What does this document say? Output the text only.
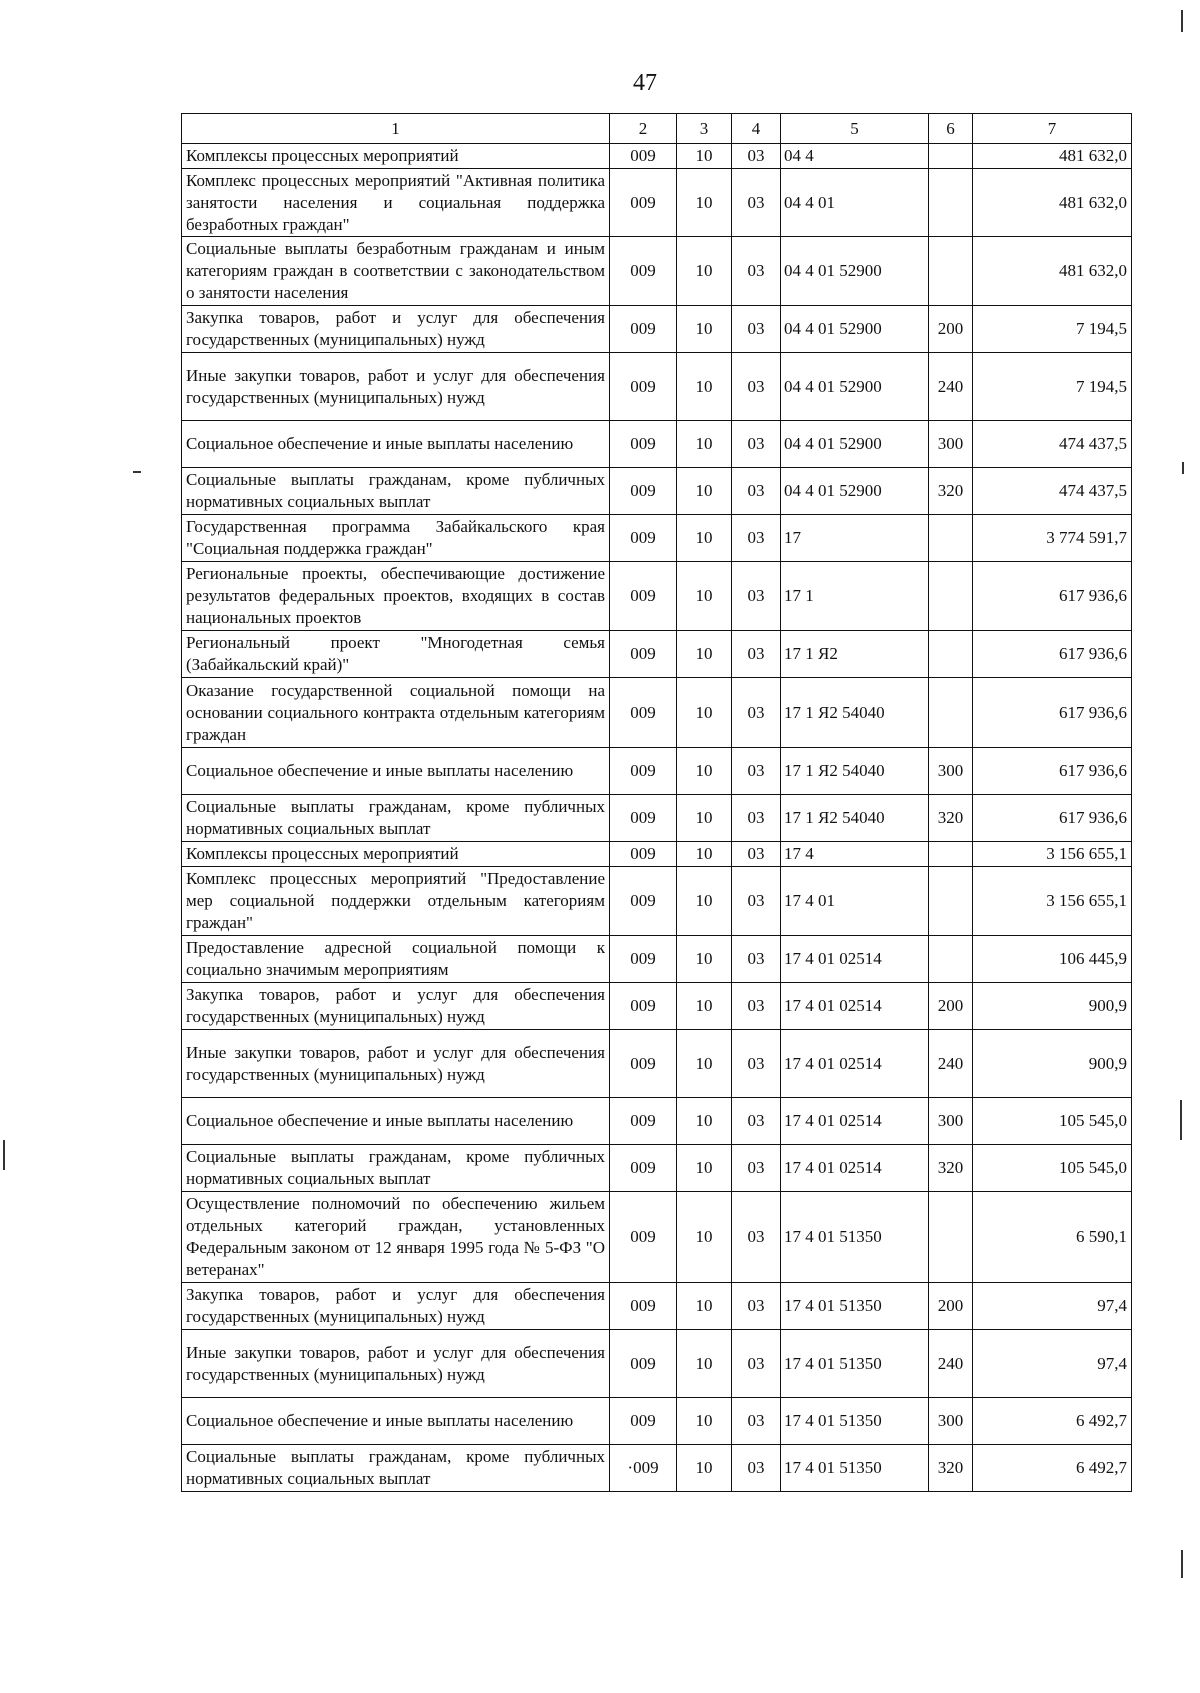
47
1	2	3	4	5	6	7
Комплексы процессных мероприятий	009	10	03	04 4		481 632,0
Комплекс процессных мероприятий "Активная политика занятости населения и социальная поддержка безработных граждан"	009	10	03	04 4 01		481 632,0
Социальные выплаты безработным гражданам и иным категориям граждан в соответствии с законодательством о занятости населения	009	10	03	04 4 01 52900		481 632,0
Закупка товаров, работ и услуг для обеспечения государственных (муниципальных) нужд	009	10	03	04 4 01 52900	200	7 194,5
Иные закупки товаров, работ и услуг для обеспечения государственных (муниципальных) нужд	009	10	03	04 4 01 52900	240	7 194,5
Социальное обеспечение и иные выплаты населению	009	10	03	04 4 01 52900	300	474 437,5
Социальные выплаты гражданам, кроме публичных нормативных социальных выплат	009	10	03	04 4 01 52900	320	474 437,5
Государственная программа Забайкальского края "Социальная поддержка граждан"	009	10	03	17		3 774 591,7
Региональные проекты, обеспечивающие достижение результатов федеральных проектов, входящих в состав национальных проектов	009	10	03	17 1		617 936,6
Региональный проект "Многодетная семья (Забайкальский край)"	009	10	03	17 1 Я2		617 936,6
Оказание государственной социальной помощи на основании социального контракта отдельным категориям граждан	009	10	03	17 1 Я2 54040		617 936,6
Социальное обеспечение и иные выплаты населению	009	10	03	17 1 Я2 54040	300	617 936,6
Социальные выплаты гражданам, кроме публичных нормативных социальных выплат	009	10	03	17 1 Я2 54040	320	617 936,6
Комплексы процессных мероприятий	009	10	03	17 4		3 156 655,1
Комплекс процессных мероприятий "Предоставление мер социальной поддержки отдельным категориям граждан"	009	10	03	17 4 01		3 156 655,1
Предоставление адресной социальной помощи к социально значимым мероприятиям	009	10	03	17 4 01 02514		106 445,9
Закупка товаров, работ и услуг для обеспечения государственных (муниципальных) нужд	009	10	03	17 4 01 02514	200	900,9
Иные закупки товаров, работ и услуг для обеспечения государственных (муниципальных) нужд	009	10	03	17 4 01 02514	240	900,9
Социальное обеспечение и иные выплаты населению	009	10	03	17 4 01 02514	300	105 545,0
Социальные выплаты гражданам, кроме публичных нормативных социальных выплат	009	10	03	17 4 01 02514	320	105 545,0
Осуществление полномочий по обеспечению жильем отдельных категорий граждан, установленных Федеральным законом от 12 января 1995 года № 5-ФЗ "О ветеранах"	009	10	03	17 4 01 51350		6 590,1
Закупка товаров, работ и услуг для обеспечения государственных (муниципальных) нужд	009	10	03	17 4 01 51350	200	97,4
Иные закупки товаров, работ и услуг для обеспечения государственных (муниципальных) нужд	009	10	03	17 4 01 51350	240	97,4
Социальное обеспечение и иные выплаты населению	009	10	03	17 4 01 51350	300	6 492,7
Социальные выплаты гражданам, кроме публичных нормативных социальных выплат	·009	10	03	17 4 01 51350	320	6 492,7
